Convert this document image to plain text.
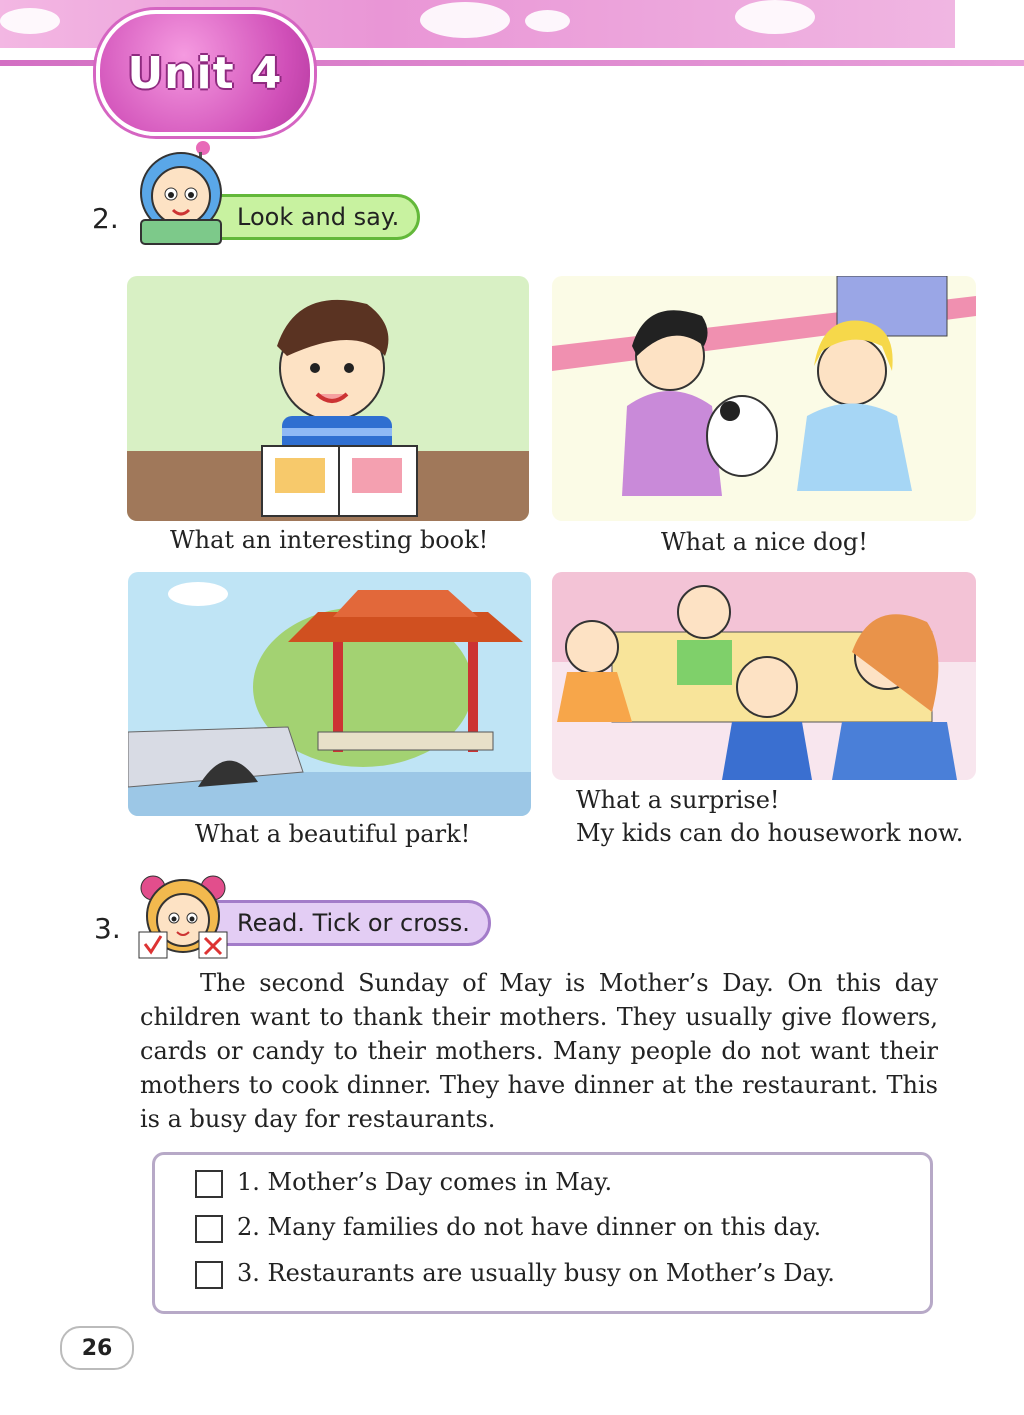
Unit 4
2.	Look and say.
What an interesting book!	What a nice dog!
What a beautiful park!
What a surprise!
My kids can do housework now.
3.	Read. Tick or cross.

The second Sunday of May is Mother’s Day. On this day children want to thank their mothers. They usually give flowers, cards or candy to their mothers. Many people do not want their mothers to cook dinner. They have dinner at the restaurant. This is a busy day for restaurants.

1. Mother’s Day comes in May.
2. Many families do not have dinner on this day.
3. Restaurants are usually busy on Mother’s Day.
26
